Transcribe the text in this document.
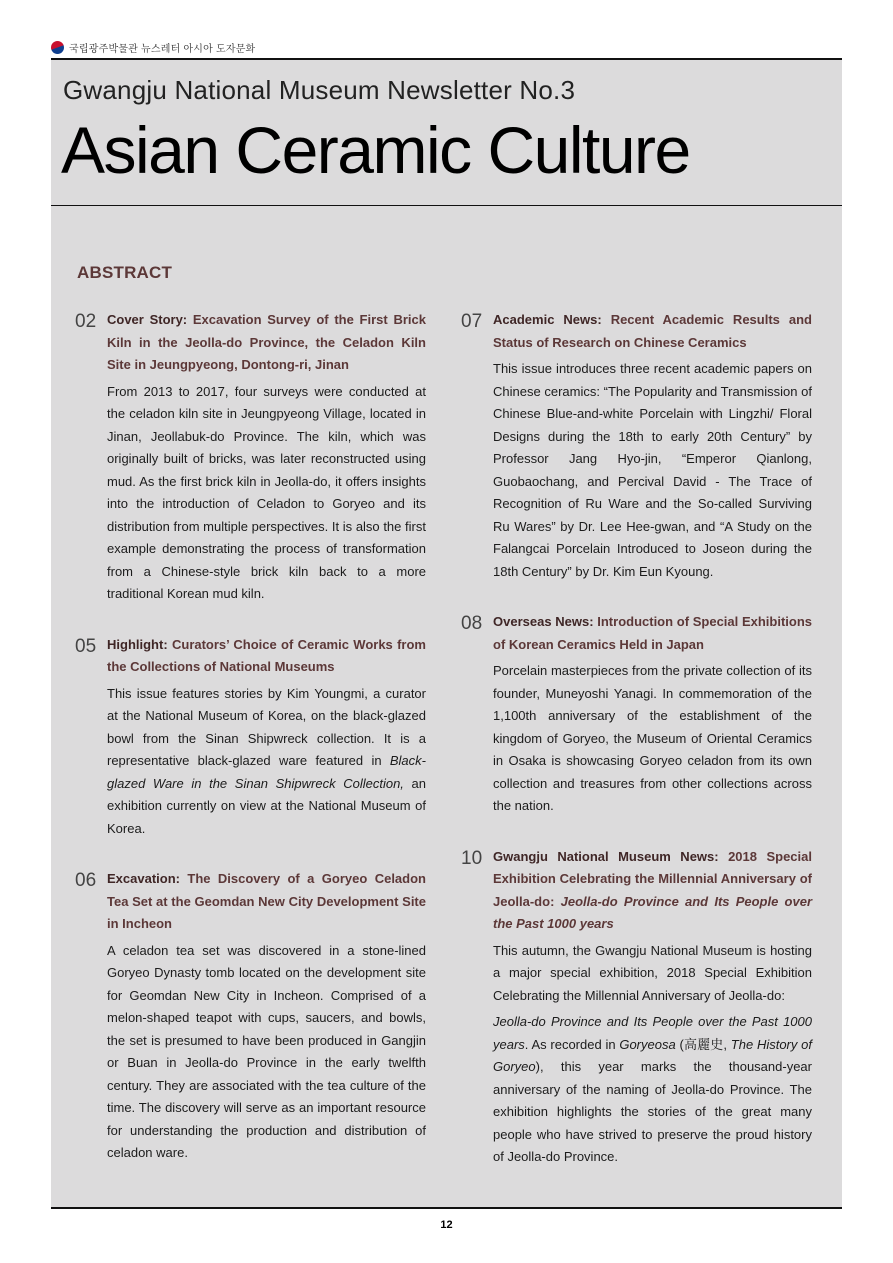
국립광주박물관 뉴스레터 아시아 도자문화
Gwangju National Museum Newsletter No.3
Asian Ceramic Culture
ABSTRACT
02 Cover Story: Excavation Survey of the First Brick Kiln in the Jeolla-do Province, the Celadon Kiln Site in Jeungpyeong, Dontong-ri, Jinan

From 2013 to 2017, four surveys were conducted at the celadon kiln site in Jeungpyeong Village, located in Jinan, Jeollabuk-do Province. The kiln, which was originally built of bricks, was later reconstructed using mud. As the first brick kiln in Jeolla-do, it offers insights into the introduction of Celadon to Goryeo and its distribution from multiple perspectives. It is also the first example demonstrating the process of transformation from a Chinese-style brick kiln back to a more traditional Korean mud kiln.

05 Highlight: Curators’ Choice of Ceramic Works from the Collections of National Museums

This issue features stories by Kim Youngmi, a curator at the National Museum of Korea, on the black-glazed bowl from the Sinan Shipwreck collection. It is a representative black-glazed ware featured in Black-glazed Ware in the Sinan Shipwreck Collection, an exhibition currently on view at the National Museum of Korea.

06 Excavation: The Discovery of a Goryeo Celadon Tea Set at the Geomdan New City Development Site in Incheon

A celadon tea set was discovered in a stone-lined Goryeo Dynasty tomb located on the development site for Geomdan New City in Incheon. Comprised of a melon-shaped teapot with cups, saucers, and bowls, the set is presumed to have been produced in Gangjin or Buan in Jeolla-do Province in the early twelfth century. They are associated with the tea culture of the time. The discovery will serve as an important resource for understanding the production and distribution of celadon ware.

07 Academic News: Recent Academic Results and Status of Research on Chinese Ceramics

This issue introduces three recent academic papers on Chinese ceramics: “The Popularity and Transmission of Chinese Blue-and-white Porcelain with Lingzhi/ Floral Designs during the 18th to early 20th Century” by Professor Jang Hyo-jin, “Emperor Qianlong, Guobaochang, and Percival David - The Trace of Recognition of Ru Ware and the So-called Surviving Ru Wares” by Dr. Lee Hee-gwan, and “A Study on the Falangcai Porcelain Introduced to Joseon during the 18th Century” by Dr. Kim Eun Kyoung.

08 Overseas News: Introduction of Special Exhibitions of Korean Ceramics Held in Japan

Porcelain masterpieces from the private collection of its founder, Muneyoshi Yanagi. In commemoration of the 1,100th anniversary of the establishment of the kingdom of Goryeo, the Museum of Oriental Ceramics in Osaka is showcasing Goryeo celadon from its own collection and treasures from other collections across the nation.

10 Gwangju National Museum News: 2018 Special Exhibition Celebrating the Millennial Anniversary of Jeolla-do: Jeolla-do Province and Its People over the Past 1000 years

This autumn, the Gwangju National Museum is hosting a major special exhibition, 2018 Special Exhibition Celebrating the Millennial Anniversary of Jeolla-do:

Jeolla-do Province and Its People over the Past 1000 years. As recorded in Goryeosa (高麗史, The History of Goryeo), this year marks the thousand-year anniversary of the naming of Jeolla-do Province. The exhibition highlights the stories of the great many people who have strived to preserve the proud history of Jeolla-do Province.

12
